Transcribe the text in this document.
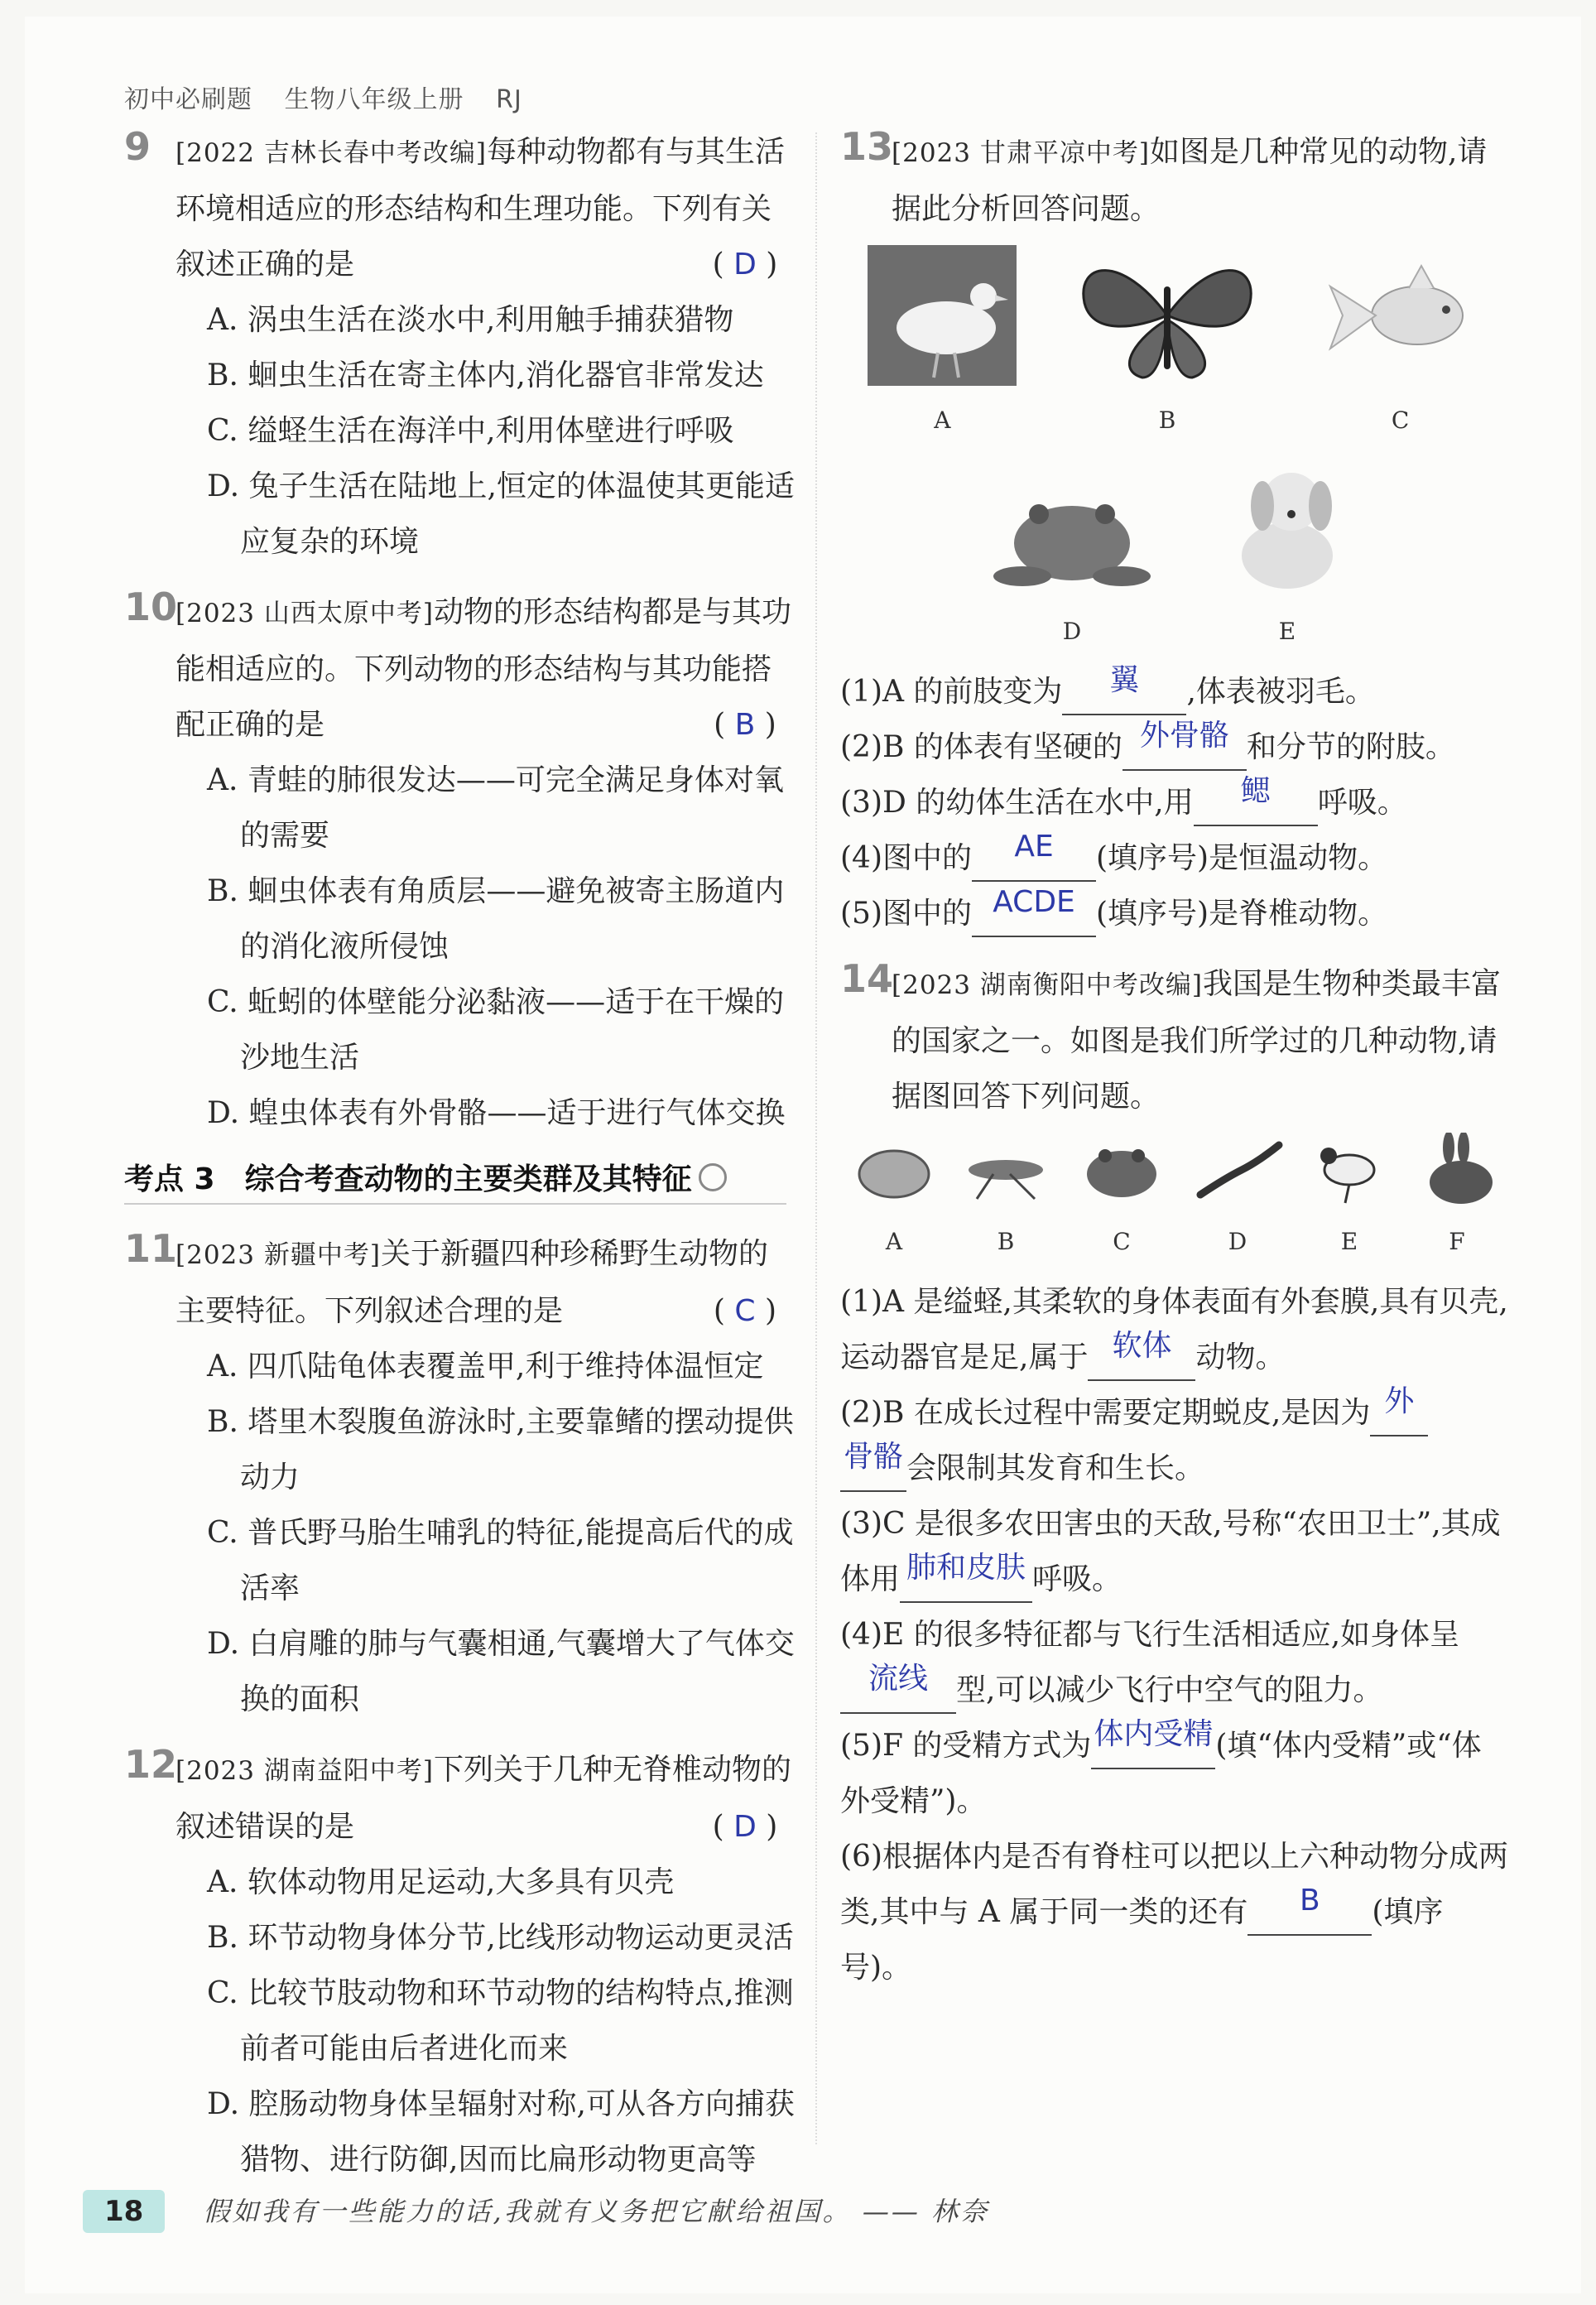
初中必刷题 生物八年级上册 RJ
9 [2022 吉林长春中考改编]每种动物都有与其生活环境相适应的形态结构和生理功能。下列有关叙述正确的是	( D )
A. 涡虫生活在淡水中,利用触手捕获猎物
B. 蛔虫生活在寄主体内,消化器官非常发达
C. 缢蛏生活在海洋中,利用体壁进行呼吸
D. 兔子生活在陆地上,恒定的体温使其更能适应复杂的环境
10
[2023 山西太原中考]动物的形态结构都是与其功能相适应的。下列动物的形态结构与其功能搭配正确的是	( B )
A. 青蛙的肺很发达——可完全满足身体对氧的需要
B. 蛔虫体表有角质层——避免被寄主肠道内的消化液所侵蚀
C. 蚯蚓的体壁能分泌黏液——适于在干燥的沙地生活
D. 蝗虫体表有外骨骼——适于进行气体交换
考点 3　综合考查动物的主要类群及其特征
11
[2023 新疆中考]关于新疆四种珍稀野生动物的主要特征。下列叙述合理的是	( C )
A. 四爪陆龟体表覆盖甲,利于维持体温恒定
B. 塔里木裂腹鱼游泳时,主要靠鳍的摆动提供动力
C. 普氏野马胎生哺乳的特征,能提高后代的成活率
D. 白肩雕的肺与气囊相通,气囊增大了气体交换的面积
12
[2023 湖南益阳中考]下列关于几种无脊椎动物的叙述错误的是	( D )
A. 软体动物用足运动,大多具有贝壳
B. 环节动物身体分节,比线形动物运动更灵活
C. 比较节肢动物和环节动物的结构特点,推测前者可能由后者进化而来
D. 腔肠动物身体呈辐射对称,可从各方向捕获猎物、进行防御,因而比扁形动物更高等
13
[2023 甘肃平凉中考]如图是几种常见的动物,请据此分析回答问题。
A	B	C
D	E
(1)A 的前肢变为 翼 ,体表被羽毛。
(2)B 的体表有坚硬的 外骨骼 和分节的附肢。
(3)D 的幼体生活在水中,用 鳃 呼吸。
(4)图中的 AE (填序号)是恒温动物。
(5)图中的 ACDE (填序号)是脊椎动物。
14
[2023 湖南衡阳中考改编]我国是生物种类最丰富的国家之一。如图是我们所学过的几种动物,请据图回答下列问题。
A	B	C	D	E	F
(1)A 是缢蛏,其柔软的身体表面有外套膜,具有贝壳,运动器官是足,属于 软体 动物。
(2)B 在成长过程中需要定期蜕皮,是因为 外
骨骼 会限制其发育和生长。
(3)C 是很多农田害虫的天敌,号称“农田卫士”,其成体用 肺和皮肤 呼吸。
(4)E 的很多特征都与飞行生活相适应,如身体呈流线 型,可以减少飞行中空气的阻力。
(5)F 的受精方式为体内受精(填“体内受精”或“体外受精”)。
(6)根据体内是否有脊柱可以把以上六种动物分成两类,其中与 A 属于同一类的还有 B (填序号)。
18 假如我有一些能力的话,我就有义务把它献给祖国。 —— 林奈
